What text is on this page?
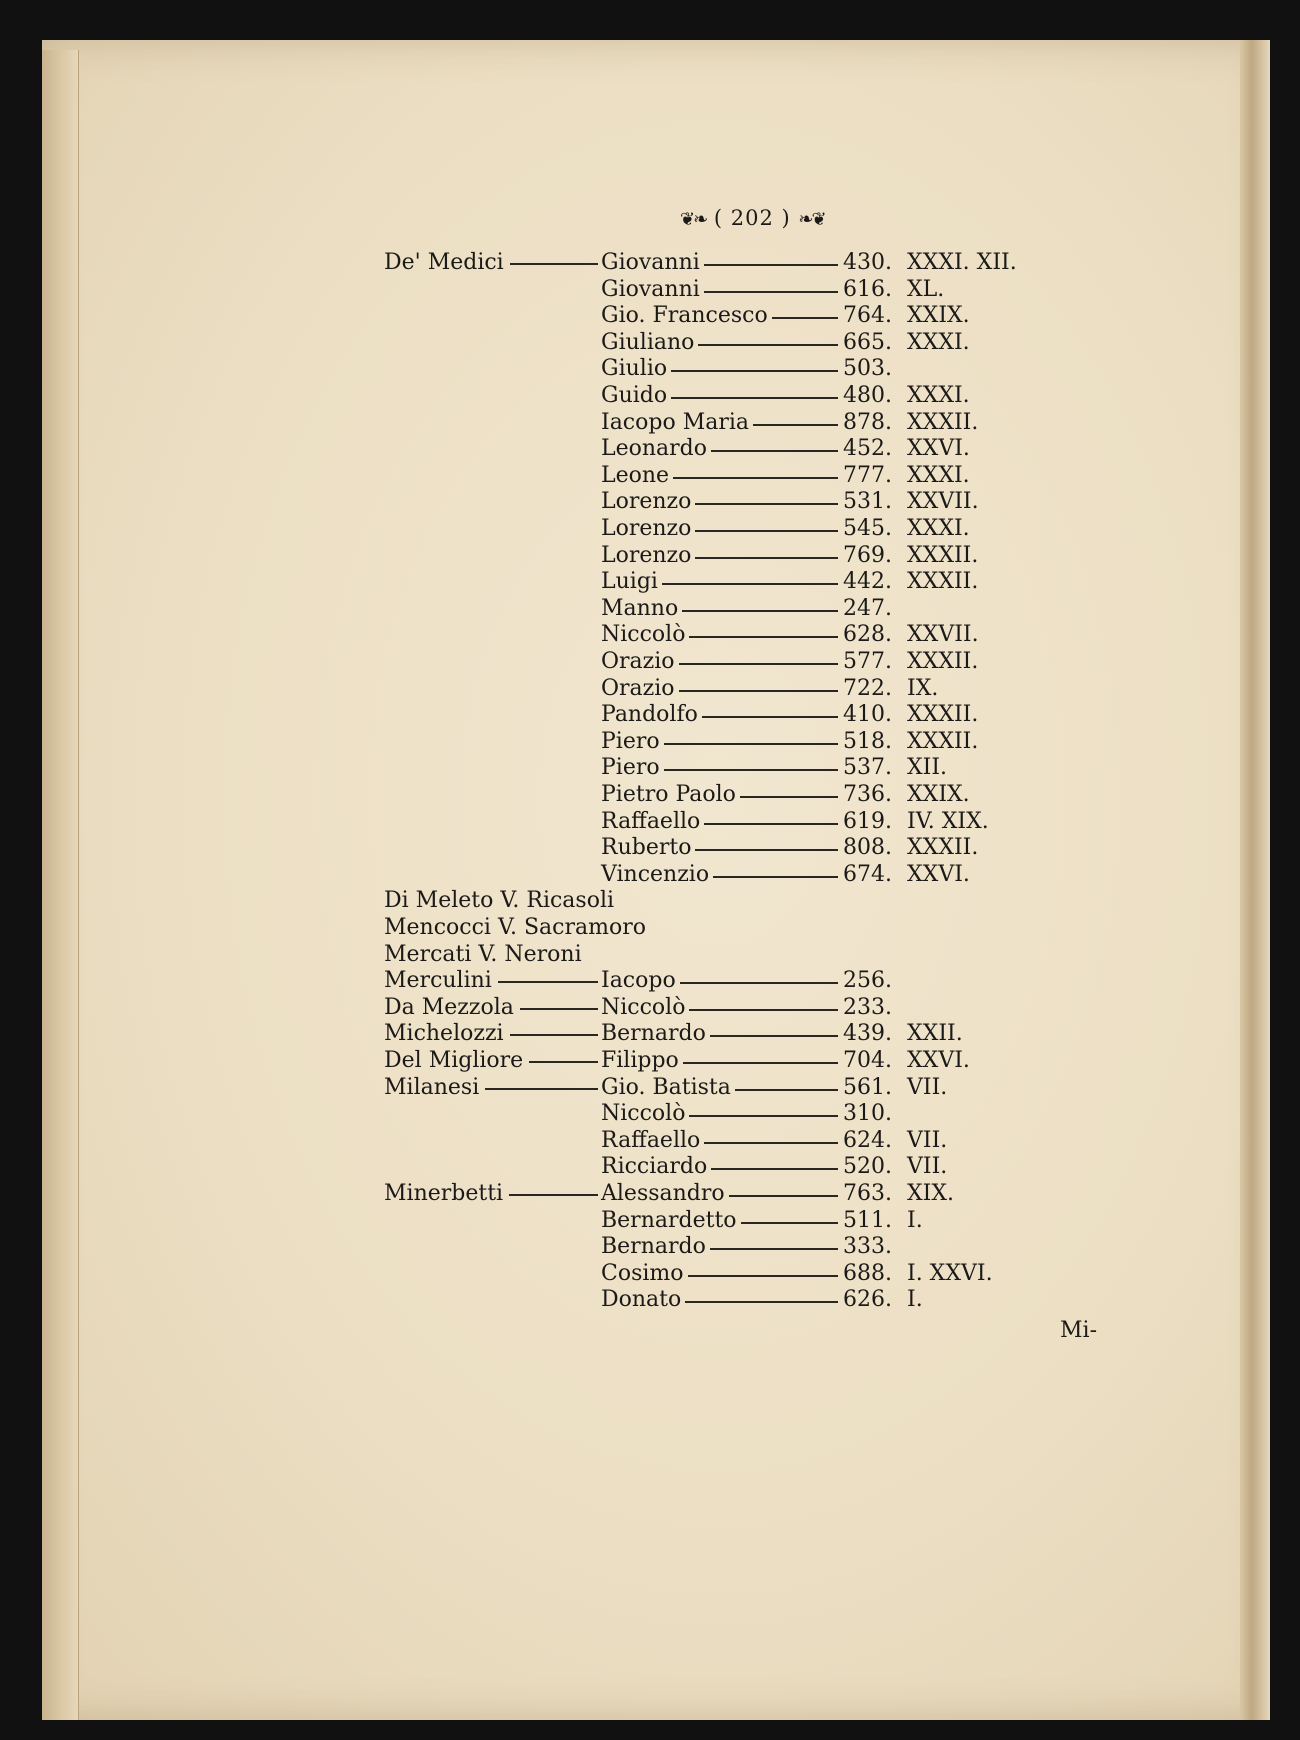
❦❧ ( 202 ) ❧❦
De' Medici	Giovanni	430. XXXI. XII.
Giovanni	616. XL.
Gio. Francesco	764. XXIX.
Giuliano	665. XXXI.
Giulio	503.
Guido	480. XXXI.
Iacopo Maria	878. XXXII.
Leonardo	452. XXVI.
Leone	777. XXXI.
Lorenzo	531. XXVII.
Lorenzo	545. XXXI.
Lorenzo	769. XXXII.
Luigi	442. XXXII.
Manno	247.
Niccolò	628. XXVII.
Orazio	577. XXXII.
Orazio	722. IX.
Pandolfo	410. XXXII.
Piero	518. XXXII.
Piero	537. XII.
Pietro Paolo	736. XXIX.
Raffaello	619. IV. XIX.
Ruberto	808. XXXII.
Vincenzio	674. XXVI.
Di Meleto V. Ricasoli
Mencocci V. Sacramoro
Mercati V. Neroni
Merculini	Iacopo	256.
Da Mezzola	Niccolò	233.
Michelozzi	Bernardo	439. XXII.
Del Migliore	Filippo	704. XXVI.
Milanesi	Gio. Batista	561. VII.
Niccolò	310.
Raffaello	624. VII.
Ricciardo	520. VII.
Minerbetti	Alessandro	763. XIX.
Bernardetto	511. I.
Bernardo	333.
Cosimo	688. I. XXVI.
Donato	626. I.
Mi-
